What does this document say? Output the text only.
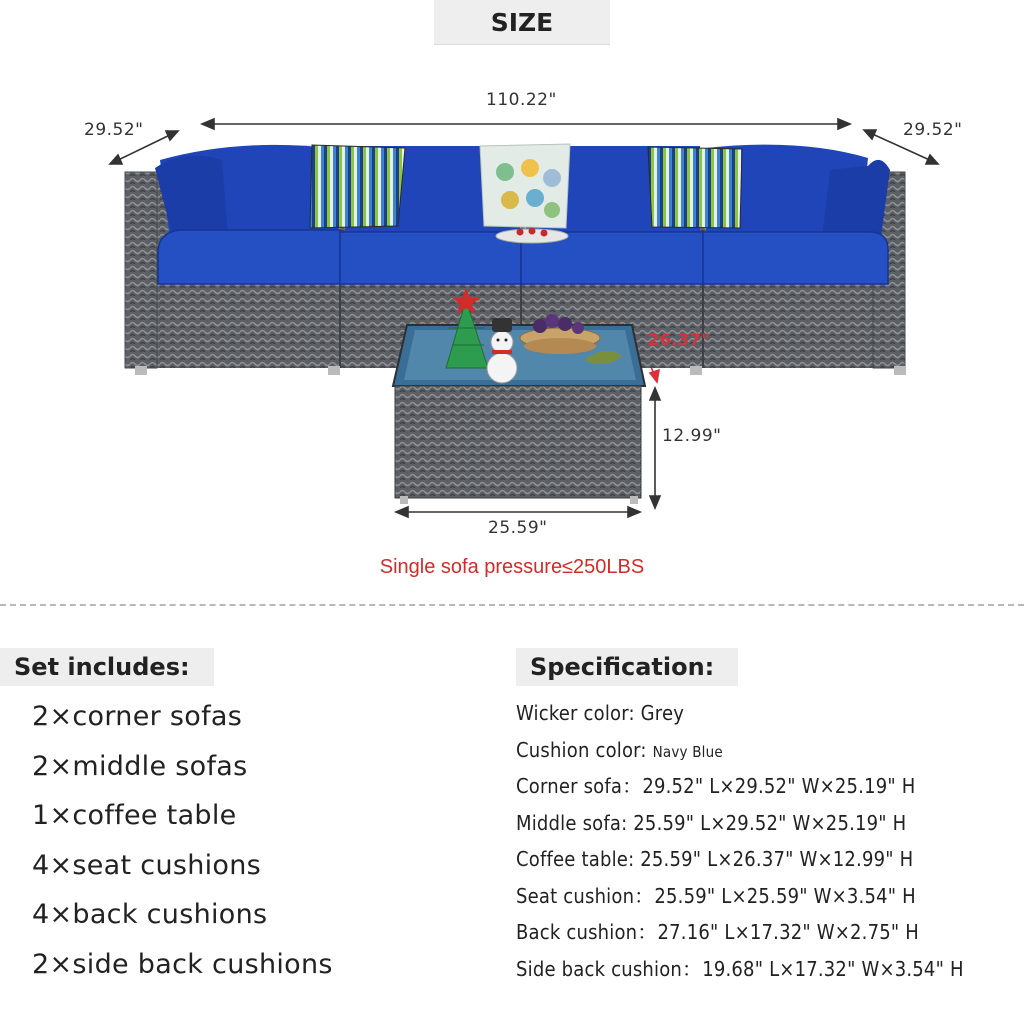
SIZE
29.52"
110.22"
29.52"
26.37"
12.99"
25.59"
Single sofa pressure≤250LBS
Set includes:
2×corner sofas
2×middle sofas
1×coffee table
4×seat cushions
4×back cushions
2×side back cushions
Specification:
Wicker color: Grey
Cushion color: Navy Blue
Corner sofa：29.52" L×29.52" W×25.19" H
Middle sofa: 25.59" L×29.52" W×25.19" H
Coffee table: 25.59" L×26.37" W×12.99" H
Seat cushion：25.59" L×25.59" W×3.54" H
Back cushion：27.16" L×17.32" W×2.75" H
Side back cushion：19.68" L×17.32" W×3.54" H
